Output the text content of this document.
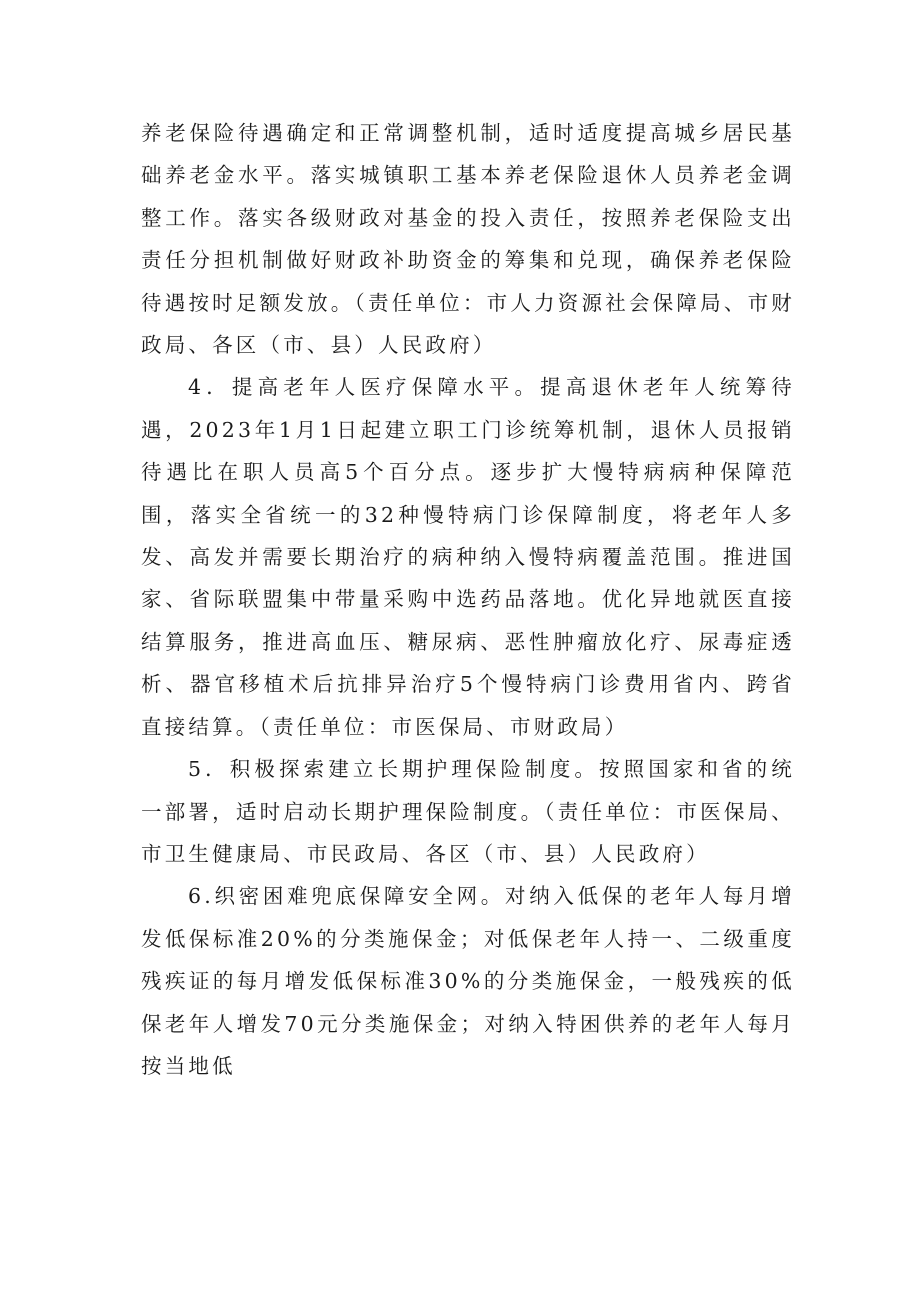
养老保险待遇确定和正常调整机制，适时适度提高城乡居民基础养老金水平。落实城镇职工基本养老保险退休人员养老金调整工作。落实各级财政对基金的投入责任，按照养老保险支出责任分担机制做好财政补助资金的筹集和兑现，确保养老保险待遇按时足额发放。（责任单位：市人力资源社会保障局、市财政局、各区（市、县）人民政府）

4．提高老年人医疗保障水平。提高退休老年人统筹待遇，2023年1月1日起建立职工门诊统筹机制，退休人员报销待遇比在职人员高5个百分点。逐步扩大慢特病病种保障范围，落实全省统一的32种慢特病门诊保障制度，将老年人多发、高发并需要长期治疗的病种纳入慢特病覆盖范围。推进国家、省际联盟集中带量采购中选药品落地。优化异地就医直接结算服务，推进高血压、糖尿病、恶性肿瘤放化疗、尿毒症透析、器官移植术后抗排异治疗5个慢特病门诊费用省内、跨省直接结算。（责任单位：市医保局、市财政局）

5．积极探索建立长期护理保险制度。按照国家和省的统一部署，适时启动长期护理保险制度。（责任单位：市医保局、市卫生健康局、市民政局、各区（市、县）人民政府）

6.织密困难兜底保障安全网。对纳入低保的老年人每月增发低保标准20%的分类施保金；对低保老年人持一、二级重度残疾证的每月增发低保标准30%的分类施保金，一般残疾的低保老年人增发70元分类施保金；对纳入特困供养的老年人每月按当地低
